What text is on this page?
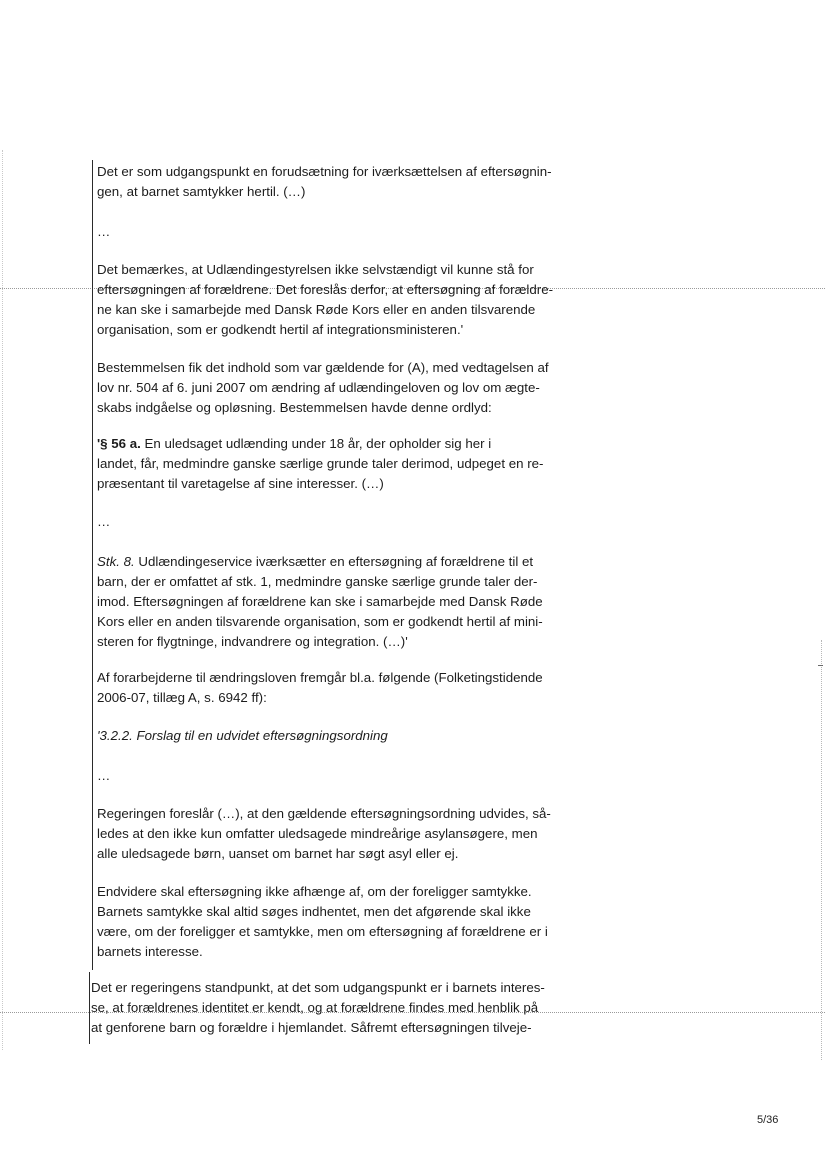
Det er som udgangspunkt en forudsætning for iværksættelsen af eftersøgnin-
gen, at barnet samtykker hertil. (…)

…

Det bemærkes, at Udlændingestyrelsen ikke selvstændigt vil kunne stå for
eftersøgningen af forældrene. Det foreslås derfor, at eftersøgning af forældre-
ne kan ske i samarbejde med Dansk Røde Kors eller en anden tilsvarende
organisation, som er godkendt hertil af integrationsministeren.'

Bestemmelsen fik det indhold som var gældende for (A), med vedtagelsen af
lov nr. 504 af 6. juni 2007 om ændring af udlændingeloven og lov om ægte-
skabs indgåelse og opløsning. Bestemmelsen havde denne ordlyd:

'§ 56 a. En uledsaget udlænding under 18 år, der opholder sig her i
landet, får, medmindre ganske særlige grunde taler derimod, udpeget en re-
præsentant til varetagelse af sine interesser. (…)

…

Stk. 8. Udlændingeservice iværksætter en eftersøgning af forældrene til et
barn, der er omfattet af stk. 1, medmindre ganske særlige grunde taler der-
imod. Eftersøgningen af forældrene kan ske i samarbejde med Dansk Røde
Kors eller en anden tilsvarende organisation, som er godkendt hertil af mini-
steren for flygtninge, indvandrere og integration. (…)'

Af forarbejderne til ændringsloven fremgår bl.a. følgende (Folketingstidende
2006-07, tillæg A, s. 6942 ff):

'3.2.2. Forslag til en udvidet eftersøgningsordning

…

Regeringen foreslår (…), at den gældende eftersøgningsordning udvides, så-
ledes at den ikke kun omfatter uledsagede mindreårige asylansøgere, men
alle uledsagede børn, uanset om barnet har søgt asyl eller ej.

Endvidere skal eftersøgning ikke afhænge af, om der foreligger samtykke.
Barnets samtykke skal altid søges indhentet, men det afgørende skal ikke
være, om der foreligger et samtykke, men om eftersøgning af forældrene er i
barnets interesse.

Det er regeringens standpunkt, at det som udgangspunkt er i barnets interes-
se, at forældrenes identitet er kendt, og at forældrene findes med henblik på
at genforene barn og forældre i hjemlandet. Såfremt eftersøgningen tilveje-

5/36
